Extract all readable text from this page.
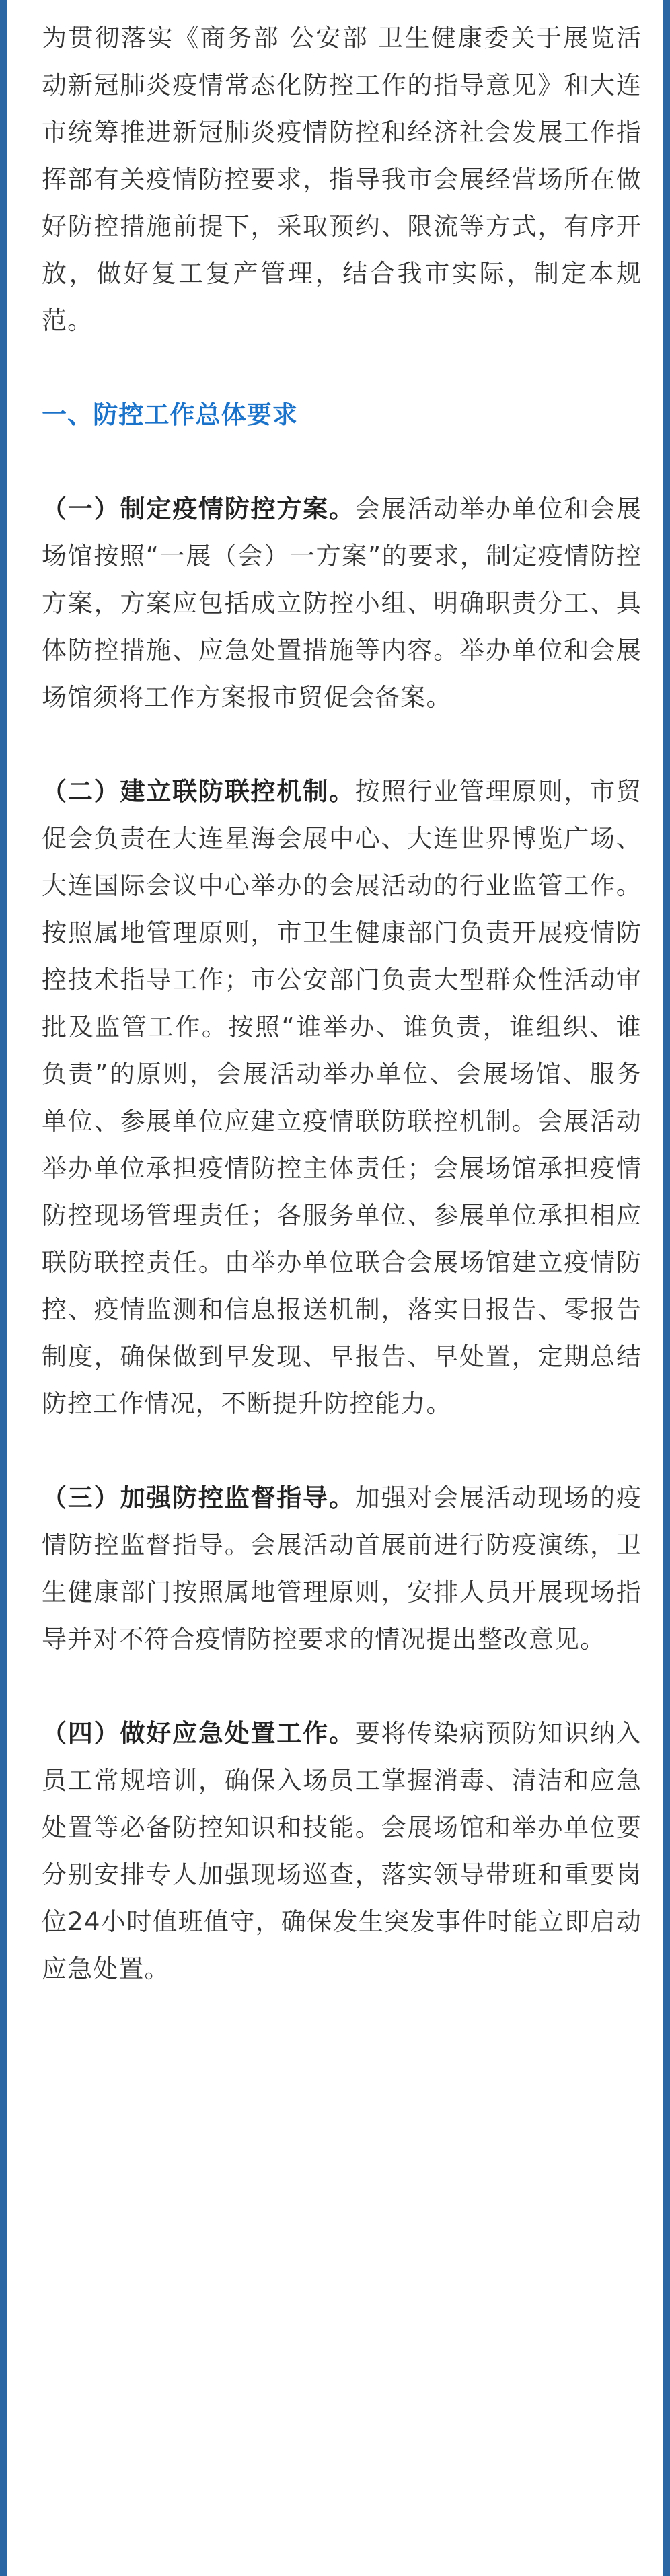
为贯彻落实《商务部 公安部 卫生健康委关于展览活动新冠肺炎疫情常态化防控工作的指导意见》和大连市统筹推进新冠肺炎疫情防控和经济社会发展工作指挥部有关疫情防控要求，指导我市会展经营场所在做好防控措施前提下，采取预约、限流等方式，有序开放，做好复工复产管理，结合我市实际，制定本规范。

一、防控工作总体要求

（一）制定疫情防控方案。会展活动举办单位和会展场馆按照“一展（会）一方案”的要求，制定疫情防控方案，方案应包括成立防控小组、明确职责分工、具体防控措施、应急处置措施等内容。举办单位和会展场馆须将工作方案报市贸促会备案。

（二）建立联防联控机制。按照行业管理原则，市贸促会负责在大连星海会展中心、大连世界博览广场、大连国际会议中心举办的会展活动的行业监管工作。按照属地管理原则，市卫生健康部门负责开展疫情防控技术指导工作；市公安部门负责大型群众性活动审批及监管工作。按照“谁举办、谁负责，谁组织、谁负责”的原则，会展活动举办单位、会展场馆、服务单位、参展单位应建立疫情联防联控机制。会展活动举办单位承担疫情防控主体责任；会展场馆承担疫情防控现场管理责任；各服务单位、参展单位承担相应联防联控责任。由举办单位联合会展场馆建立疫情防控、疫情监测和信息报送机制，落实日报告、零报告制度，确保做到早发现、早报告、早处置，定期总结防控工作情况，不断提升防控能力。

（三）加强防控监督指导。加强对会展活动现场的疫情防控监督指导。会展活动首展前进行防疫演练，卫生健康部门按照属地管理原则，安排人员开展现场指导并对不符合疫情防控要求的情况提出整改意见。

（四）做好应急处置工作。要将传染病预防知识纳入员工常规培训，确保入场员工掌握消毒、清洁和应急处置等必备防控知识和技能。会展场馆和举办单位要分别安排专人加强现场巡查，落实领导带班和重要岗位24小时值班值守，确保发生突发事件时能立即启动应急处置。
